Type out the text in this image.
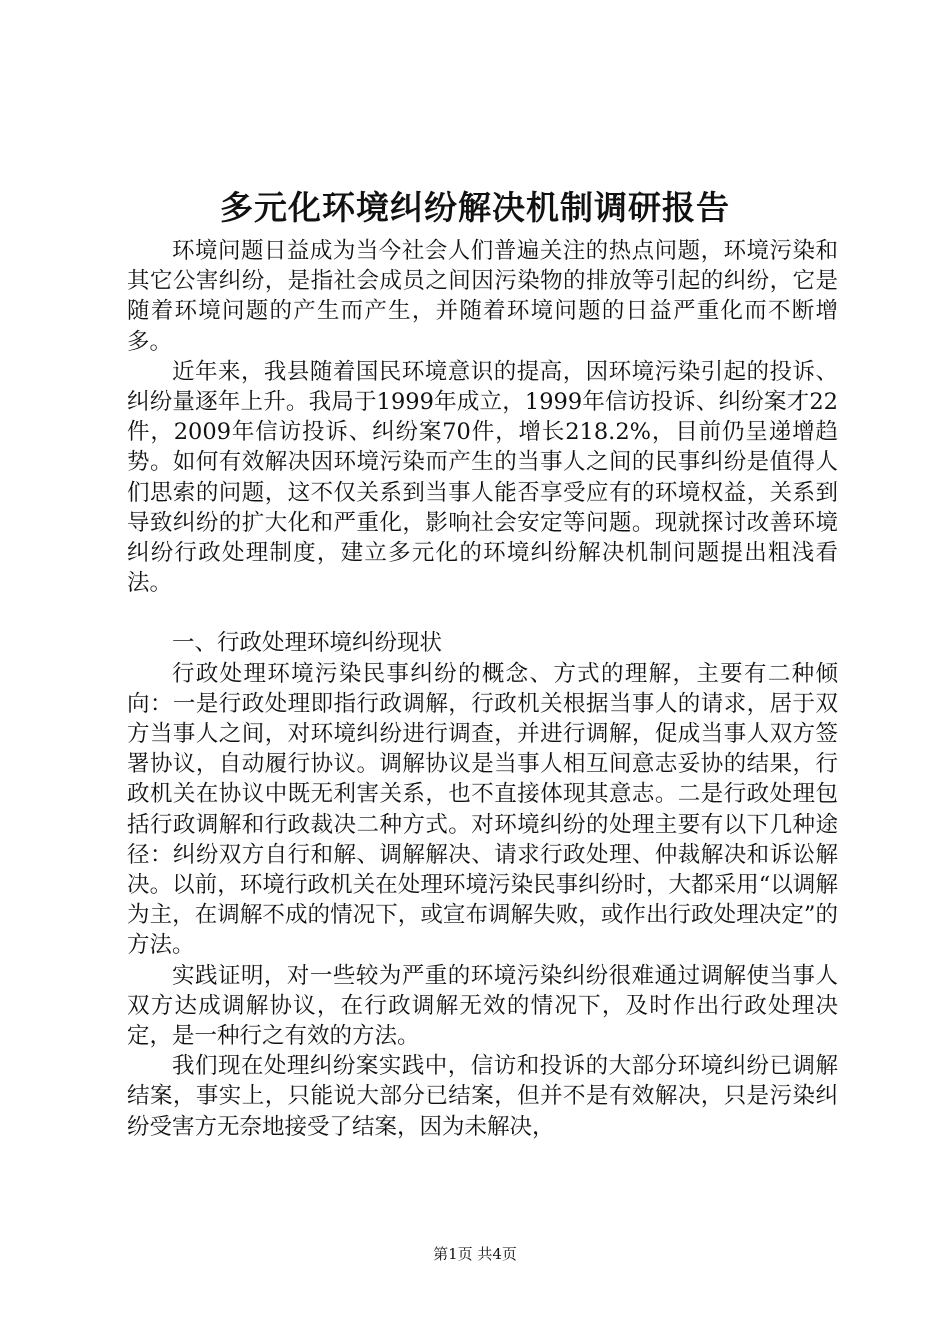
多元化环境纠纷解决机制调研报告

环境问题日益成为当今社会人们普遍关注的热点问题，环境污染和其它公害纠纷，是指社会成员之间因污染物的排放等引起的纠纷，它是随着环境问题的产生而产生，并随着环境问题的日益严重化而不断增多。

近年来，我县随着国民环境意识的提高，因环境污染引起的投诉、纠纷量逐年上升。我局于1999年成立，1999年信访投诉、纠纷案才22件，2009年信访投诉、纠纷案70件，增长218.2%，目前仍呈递增趋势。如何有效解决因环境污染而产生的当事人之间的民事纠纷是值得人们思索的问题，这不仅关系到当事人能否享受应有的环境权益，关系到导致纠纷的扩大化和严重化，影响社会安定等问题。现就探讨改善环境纠纷行政处理制度，建立多元化的环境纠纷解决机制问题提出粗浅看法。

一、行政处理环境纠纷现状

行政处理环境污染民事纠纷的概念、方式的理解，主要有二种倾向：一是行政处理即指行政调解，行政机关根据当事人的请求，居于双方当事人之间，对环境纠纷进行调查，并进行调解，促成当事人双方签署协议，自动履行协议。调解协议是当事人相互间意志妥协的结果，行政机关在协议中既无利害关系，也不直接体现其意志。二是行政处理包括行政调解和行政裁决二种方式。对环境纠纷的处理主要有以下几种途径：纠纷双方自行和解、调解解决、请求行政处理、仲裁解决和诉讼解决。以前，环境行政机关在处理环境污染民事纠纷时，大都采用“以调解为主，在调解不成的情况下，或宣布调解失败，或作出行政处理决定”的方法。

实践证明，对一些较为严重的环境污染纠纷很难通过调解使当事人双方达成调解协议，在行政调解无效的情况下，及时作出行政处理决定，是一种行之有效的方法。

我们现在处理纠纷案实践中，信访和投诉的大部分环境纠纷已调解结案，事实上，只能说大部分已结案，但并不是有效解决，只是污染纠纷受害方无奈地接受了结案，因为未解决，

第1页 共4页
